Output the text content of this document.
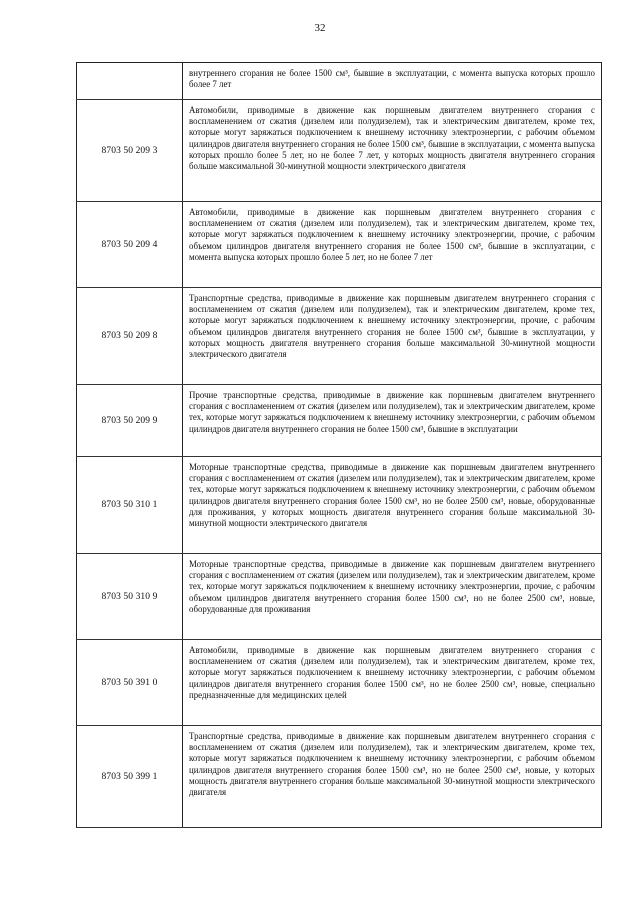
32
	внутреннего сгорания не более 1500 см³, бывшие в эксплуатации, с момента выпуска которых прошло более 7 лет
8703 50 209 3	Автомобили, приводимые в движение как поршневым двигателем внутреннего сгорания с воспламенением от сжатия (дизелем или полудизелем), так и электрическим двигателем, кроме тех, которые могут заряжаться подключением к внешнему источнику электроэнергии, с рабочим объемом цилиндров двигателя внутреннего сгорания не более 1500 см³, бывшие в эксплуатации, с момента выпуска которых прошло более 5 лет, но не более 7 лет, у которых мощность двигателя внутреннего сгорания больше максимальной 30-минутной мощности электрического двигателя
8703 50 209 4	Автомобили, приводимые в движение как поршневым двигателем внутреннего сгорания с воспламенением от сжатия (дизелем или полудизелем), так и электрическим двигателем, кроме тех, которые могут заряжаться подключением к внешнему источнику электроэнергии, прочие, с рабочим объемом цилиндров двигателя внутреннего сгорания не более 1500 см³, бывшие в эксплуатации, с момента выпуска которых прошло более 5 лет, но не более 7 лет
8703 50 209 8	Транспортные средства, приводимые в движение как поршневым двигателем внутреннего сгорания с воспламенением от сжатия (дизелем или полудизелем), так и электрическим двигателем, кроме тех, которые могут заряжаться подключением к внешнему источнику электроэнергии, прочие, с рабочим объемом цилиндров двигателя внутреннего сгорания не более 1500 см³, бывшие в эксплуатации, у которых мощность двигателя внутреннего сгорания больше максимальной 30-минутной мощности электрического двигателя
8703 50 209 9	Прочие транспортные средства, приводимые в движение как поршневым двигателем внутреннего сгорания с воспламенением от сжатия (дизелем или полудизелем), так и электрическим двигателем, кроме тех, которые могут заряжаться подключением к внешнему источнику электроэнергии, с рабочим объемом цилиндров двигателя внутреннего сгорания не более 1500 см³, бывшие в эксплуатации
8703 50 310 1	Моторные транспортные средства, приводимые в движение как поршневым двигателем внутреннего сгорания с воспламенением от сжатия (дизелем или полудизелем), так и электрическим двигателем, кроме тех, которые могут заряжаться подключением к внешнему источнику электроэнергии, с рабочим объемом цилиндров двигателя внутреннего сгорания более 1500 см³, но не более 2500 см³, новые, оборудованные для проживания, у которых мощность двигателя внутреннего сгорания больше максимальной 30-минутной мощности электрического двигателя
8703 50 310 9	Моторные транспортные средства, приводимые в движение как поршневым двигателем внутреннего сгорания с воспламенением от сжатия (дизелем или полудизелем), так и электрическим двигателем, кроме тех, которые могут заряжаться подключением к внешнему источнику электроэнергии, прочие, с рабочим объемом цилиндров двигателя внутреннего сгорания более 1500 см³, но не более 2500 см³, новые, оборудованные для проживания
8703 50 391 0	Автомобили, приводимые в движение как поршневым двигателем внутреннего сгорания с воспламенением от сжатия (дизелем или полудизелем), так и электрическим двигателем, кроме тех, которые могут заряжаться подключением к внешнему источнику электроэнергии, с рабочим объемом цилиндров двигателя внутреннего сгорания более 1500 см³, но не более 2500 см³, новые, специально предназначенные для медицинских целей
8703 50 399 1	Транспортные средства, приводимые в движение как поршневым двигателем внутреннего сгорания с воспламенением от сжатия (дизелем или полудизелем), так и электрическим двигателем, кроме тех, которые могут заряжаться подключением к внешнему источнику электроэнергии, с рабочим объемом цилиндров двигателя внутреннего сгорания более 1500 см³, но не более 2500 см³, новые, у которых мощность двигателя внутреннего сгорания больше максимальной 30-минутной мощности электрического двигателя
